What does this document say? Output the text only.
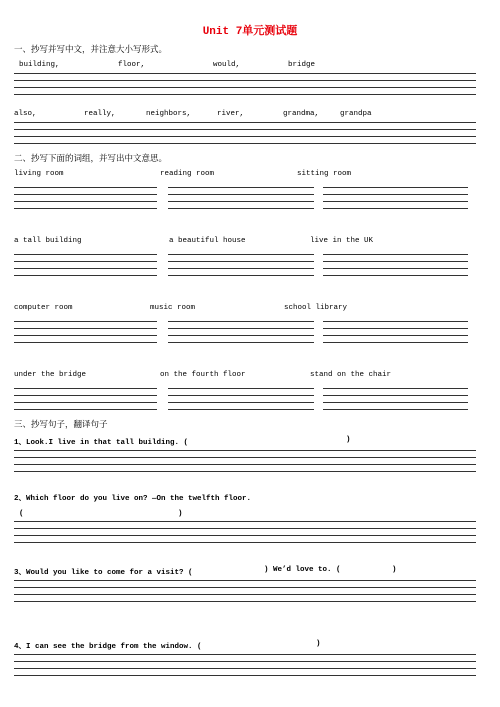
Unit 7单元测试题
一、抄写并写中文，并注意大小写形式。
building,	floor,	would,	bridge
also,	really,	neighbors,	river,	grandma,	grandpa
二、抄写下面的词组，并写出中文意思。
living room	reading room	sitting room
a tall building	a beautiful house	live in the UK
computer room	music room	school library
under the bridge	on the fourth floor	stand on the chair
三、抄写句子，翻译句子
1、Look.I live in that tall building. (	)
2、Which floor do you live on? —On the twelfth floor.
(	)
3、Would you like to come for a visit? (	) We’d love to. (	)
4、I can see the bridge from the window. (	)
